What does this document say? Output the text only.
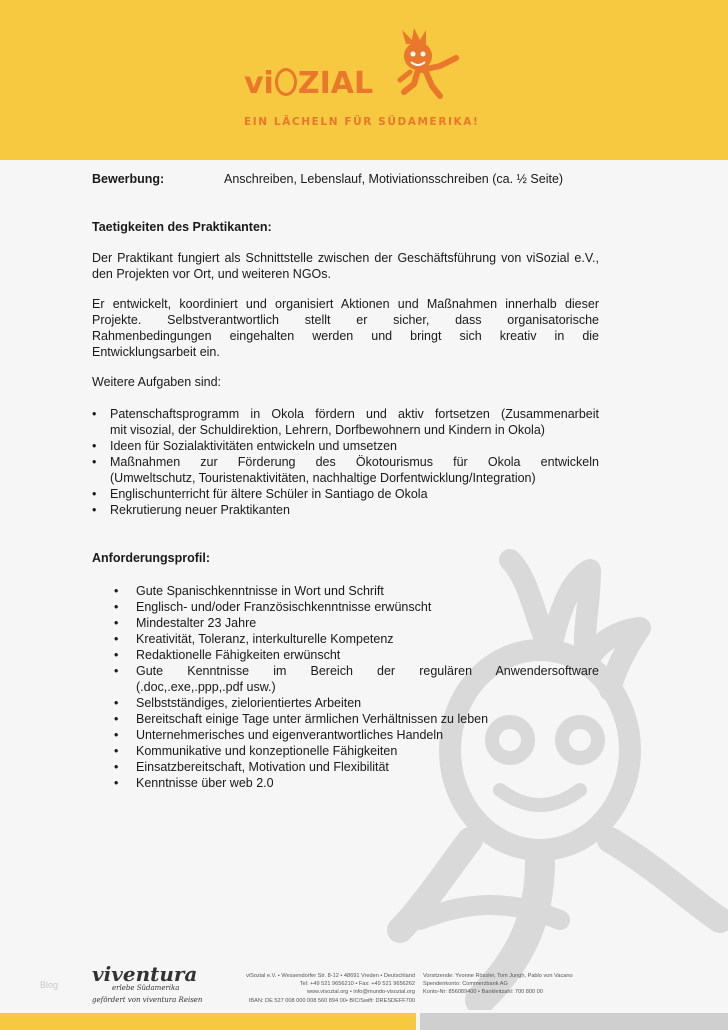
vi ZIAL
EIN LÄCHELN FÜR SÜDAMERIKA!
Bewerbung:	Anschreiben, Lebenslauf, Motiviationsschreiben (ca. ½ Seite)
Taetigkeiten des Praktikanten:
Der Praktikant fungiert als Schnittstelle zwischen der Geschäftsführung von viSozial e.V., den Projekten vor Ort, und weiteren NGOs.
Er entwickelt, koordiniert und organisiert Aktionen und Maßnahmen innerhalb dieser
Projekte. Selbstverantwortlich stellt er sicher, dass organisatorische
Rahmenbedingungen eingehalten werden und bringt sich kreativ in die
Entwicklungsarbeit ein.
Weitere Aufgaben sind:
• Patenschaftsprogramm in Okola fördern und aktiv fortsetzen (Zusammenarbeit
mit visozial, der Schuldirektion, Lehrern, Dorfbewohnern und Kindern in Okola)
• Ideen für Sozialaktivitäten entwickeln und umsetzen
• Maßnahmen zur Förderung des Ökotourismus für Okola entwickeln
(Umweltschutz, Touristenaktivitäten, nachhaltige Dorfentwicklung/Integration)
• Englischunterricht für ältere Schüler in Santiago de Okola
• Rekrutierung neuer Praktikanten
Anforderungsprofil:
• Gute Spanischkenntnisse in Wort und Schrift
• Englisch- und/oder Französischkenntnisse erwünscht
• Mindestalter 23 Jahre
• Kreativität, Toleranz, interkulturelle Kompetenz
• Redaktionelle Fähigkeiten erwünscht
• Gute Kenntnisse im Bereich der regulären Anwendersoftware
(.doc,.exe,.ppp,.pdf usw.)
• Selbstständiges, zielorientiertes Arbeiten
• Bereitschaft einige Tage unter ärmlichen Verhältnissen zu leben
• Unternehmerisches und eigenverantwortliches Handeln
• Kommunikative und konzeptionelle Fähigkeiten
• Einsatzbereitschaft, Motivation und Flexibilität
• Kenntnisse über web 2.0
Blog viventura
erlebe Südamerika
gefördert von viventura Reisen
viSozial e.V. • Wessendorfer Str. 8-12 • 48691 Vreden • Deutschland
Tel: +49 521 9656210 • Fax: +49 521 9656262
www.visozial.org • info@mundo-visozial.org
IBAN: DE 527 008 000 008 560 894 00• BIC/Swift: DRESDEFF700
Vorsitzende: Yvonne Rössler, Tom Jungh, Pablo von Vacano
Spendenkonto: Commerzbank AG
Konto-Nr: 856089400 • Bankleitzahl: 700 800 00
